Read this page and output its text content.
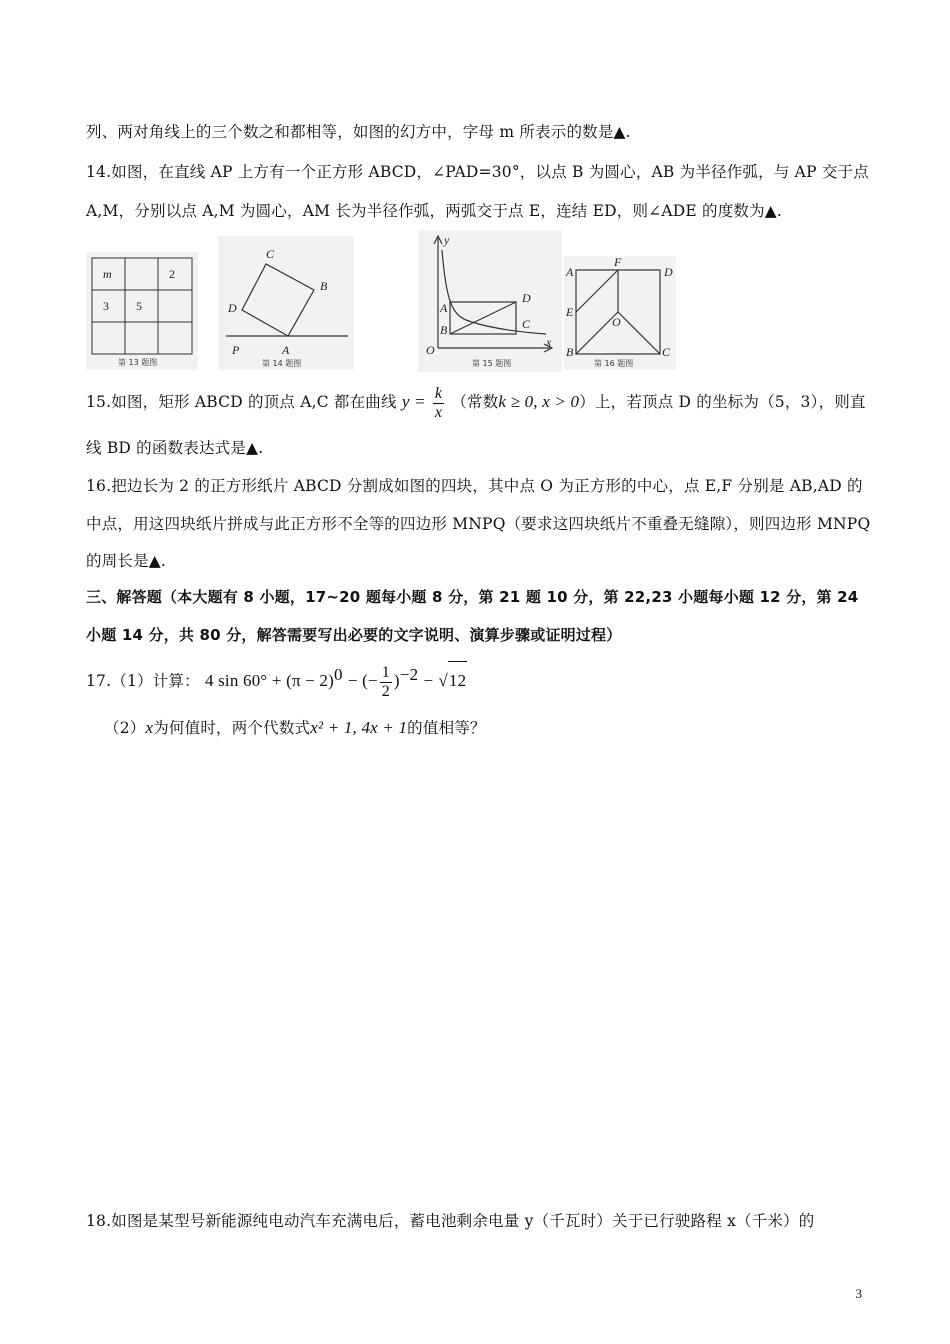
列、两对角线上的三个数之和都相等，如图的幻方中，字母 m 所表示的数是▲.
14.如图，在直线 AP 上方有一个正方形 ABCD，∠PAD=30°，以点 B 为圆心，AB 为半径作弧，与 AP 交于点
A,M，分别以点 A,M 为圆心，AM 长为半径作弧，两弧交于点 E，连结 ED，则∠ADE 的度数为▲.
m	2
3 5
第 13 题图
C
B
D
P	A
第 14 题图
y
x
O
A
B	C
D
第 15 题图
A
F
D
E
O
B	C
第 16 题图
15.如图，矩形 ABCD 的顶点 A,C 都在曲线 $y = \frac{k}{x}$ （常数k ≥ 0, x > 0）上，若顶点 D 的坐标为（5，3），则直
线 BD 的函数表达式是▲.
16.把边长为 2 的正方形纸片 ABCD 分割成如图的四块，其中点 O 为正方形的中心，点 E,F 分别是 AB,AD 的
中点，用这四块纸片拼成与此正方形不全等的四边形 MNPQ（要求这四块纸片不重叠无缝隙），则四边形 MNPQ
的周长是▲.
三、解答题（本大题有 8 小题，17~20 题每小题 8 分，第 21 题 10 分，第 22,23 小题每小题 12 分，第 24
小题 14 分，共 80 分，解答需要写出必要的文字说明、演算步骤或证明过程）
17.（1）计算： 4 $\sin 60^\circ + (\pi - 2)^0$ − (− $\frac{1}{2} )^{-2} - √12$
（2）x为何值时，两个代数式x² + 1, 4x + 1的值相等？
18.如图是某型号新能源纯电动汽车充满电后，蓄电池剩余电量 y（千瓦时）关于已行驶路程 x（千米）的
3
